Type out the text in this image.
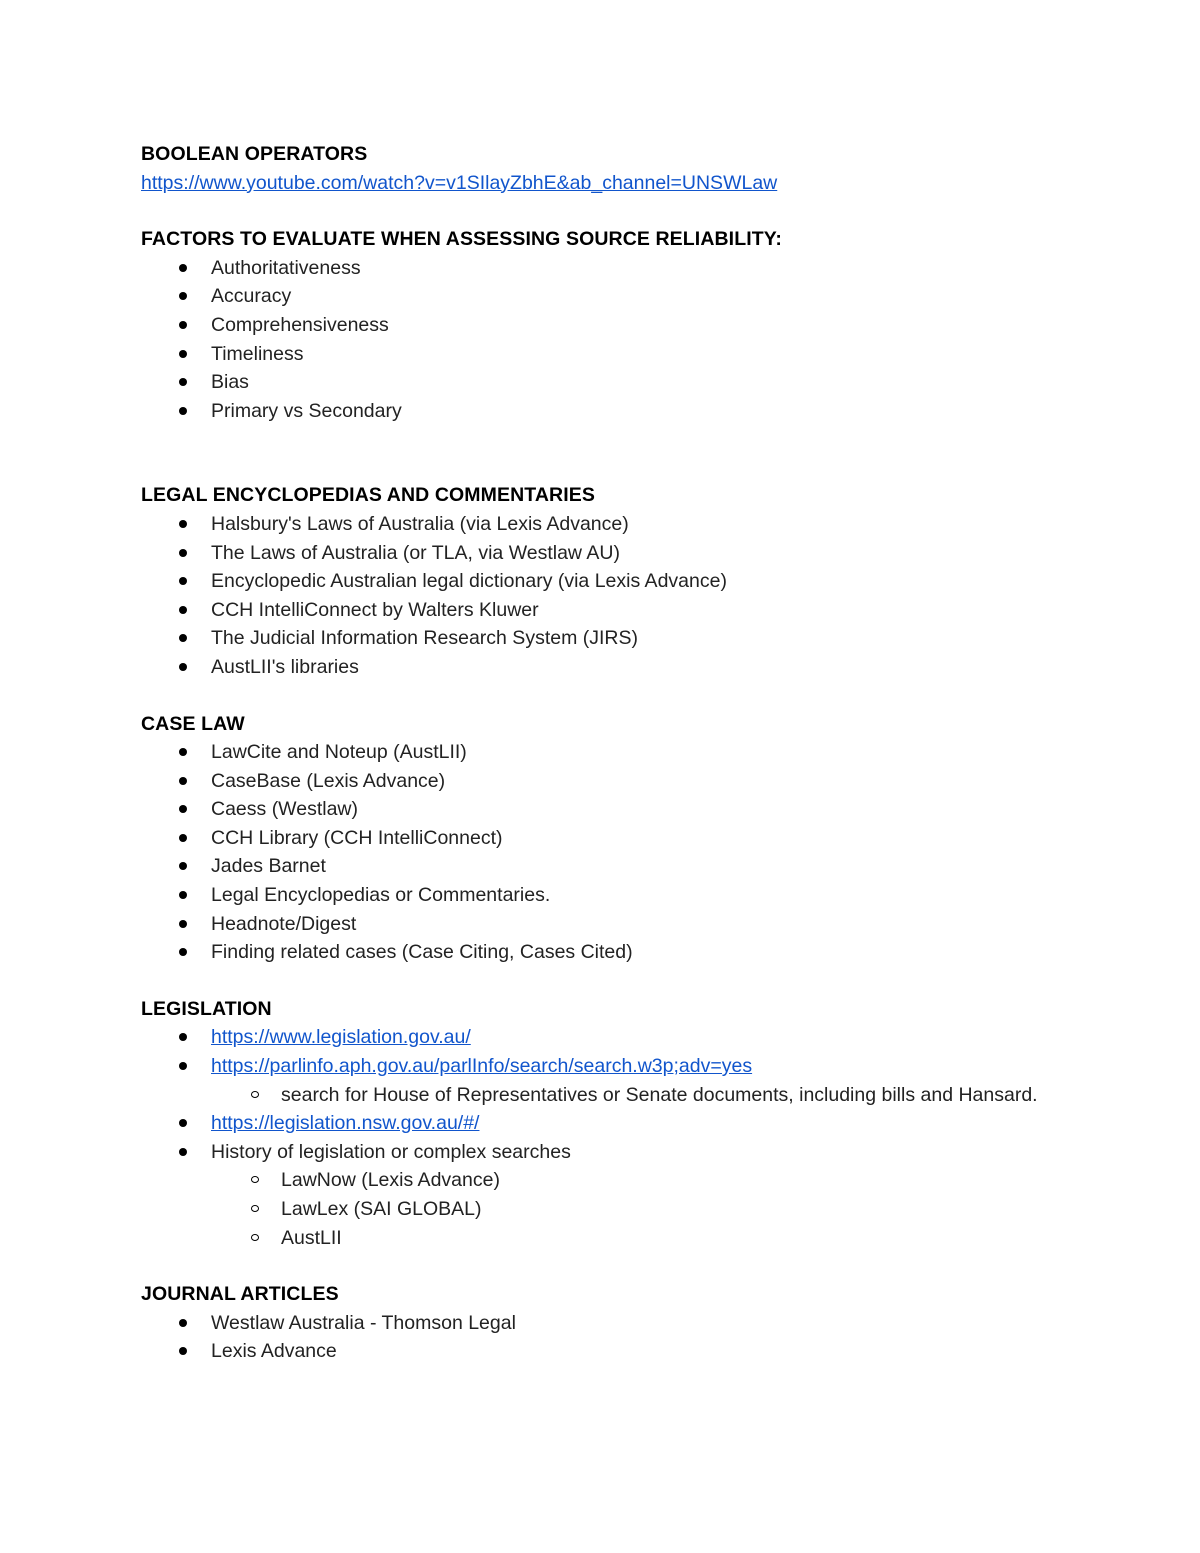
BOOLEAN OPERATORS
https://www.youtube.com/watch?v=v1SIlayZbhE&ab_channel=UNSWLaw
FACTORS TO EVALUATE WHEN ASSESSING SOURCE RELIABILITY:
Authoritativeness
Accuracy
Comprehensiveness
Timeliness
Bias
Primary vs Secondary
LEGAL ENCYCLOPEDIAS AND COMMENTARIES
Halsbury's Laws of Australia (via Lexis Advance)
The Laws of Australia (or TLA, via Westlaw AU)
Encyclopedic Australian legal dictionary (via Lexis Advance)
CCH IntelliConnect by Walters Kluwer
The Judicial Information Research System (JIRS)
AustLII's libraries
CASE LAW
LawCite and Noteup (AustLII)
CaseBase (Lexis Advance)
Caess (Westlaw)
CCH Library (CCH IntelliConnect)
Jades Barnet
Legal Encyclopedias or Commentaries.
Headnote/Digest
Finding related cases (Case Citing, Cases Cited)
LEGISLATION
https://www.legislation.gov.au/
https://parlinfo.aph.gov.au/parlInfo/search/search.w3p;adv=yes
search for House of Representatives or Senate documents, including bills and Hansard.
https://legislation.nsw.gov.au/#/
History of legislation or complex searches
LawNow (Lexis Advance)
LawLex (SAI GLOBAL)
AustLII
JOURNAL ARTICLES
Westlaw Australia - Thomson Legal
Lexis Advance
